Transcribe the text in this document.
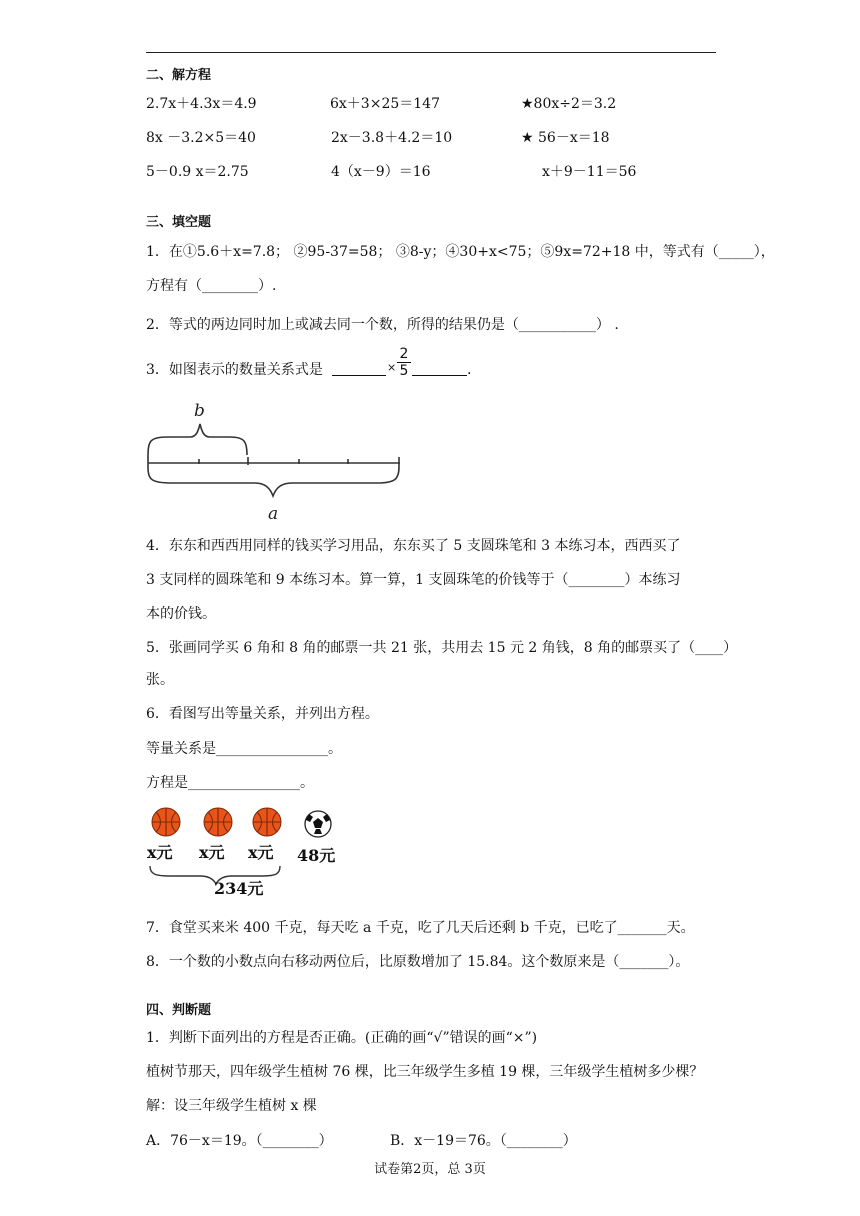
二、解方程
2.7x＋4.3x＝4.9	6x＋3×25＝147	★80x÷2＝3.2
8x －3.2×5＝40	2x－3.8＋4.2＝10	★ 56－x＝18
5－0.9 x＝2.75	4（x－9）＝16	x＋9－11＝56
三、填空题
1．在①5.6＋x=7.8； ②95-37=58； ③8-y；④30+x<75；⑤9x=72+18 中，等式有（_____），
方程有（________）.
2．等式的两边同时加上或减去同一个数，所得的结果仍是（___________） .
3．如图表示的数量关系式是	× $\frac{2}{5}$	.
b
a
4．东东和西西用同样的钱买学习用品，东东买了 5 支圆珠笔和 3 本练习本，西西买了
3 支同样的圆珠笔和 9 本练习本。算一算，1 支圆珠笔的价钱等于（________）本练习
本的价钱。
5．张画同学买 6 角和 8 角的邮票一共 21 张，共用去 15 元 2 角钱，8 角的邮票买了（____）
张。
6．看图写出等量关系，并列出方程。
等量关系是________________。
方程是________________。
x元 x元 x元 48元
234元
7．食堂买来米 400 千克，每天吃 a 千克，吃了几天后还剩 b 千克，已吃了_______天。
8．一个数的小数点向右移动两位后，比原数增加了 15.84。这个数原来是（_______）。
四、判断题
1．判断下面列出的方程是否正确。(正确的画“√”错误的画“×”)
植树节那天，四年级学生植树 76 棵，比三年级学生多植 19 棵，三年级学生植树多少棵？
解：设三年级学生植树 x 棵
A．76－x＝19。（________）	B．x－19＝76。（________）
试卷第2页，总 3页
